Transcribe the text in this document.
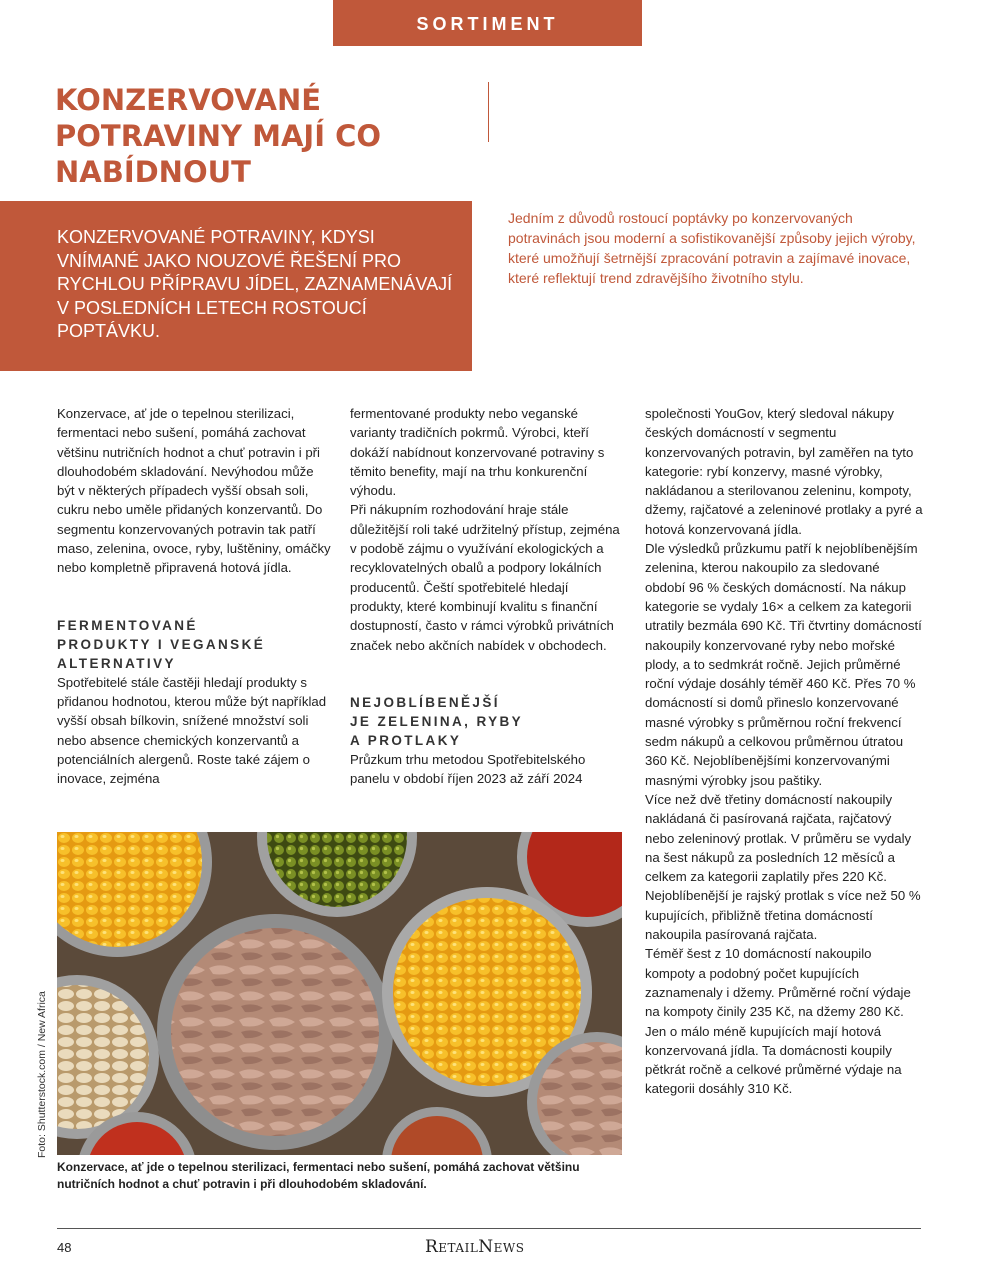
SORTIMENT
KONZERVOVANÉ POTRAVINY MAJÍ CO NABÍDNOUT

KONZERVOVANÉ POTRAVINY, KDYSI VNÍMANÉ JAKO NOUZOVÉ ŘEŠENÍ PRO RYCHLOU PŘÍPRAVU JÍDEL, ZAZNAMENÁVAJÍ V POSLEDNÍCH LETECH ROSTOUCÍ POPTÁVKU.

Jedním z důvodů rostoucí poptávky po konzervovaných potravinách jsou moderní a sofistikovanější způsoby jejich výroby, které umožňují šetrnější zpracování potravin a zajímavé inovace, které reflektují trend zdravějšího životního stylu.

Konzervace, ať jde o tepelnou sterilizaci, fermentaci nebo sušení, pomáhá zachovat většinu nutričních hodnot a chuť potravin i při dlouhodobém skladování. Nevýhodou může být v některých případech vyšší obsah soli, cukru nebo uměle přidaných konzervantů. Do segmentu konzervovaných potravin tak patří maso, zelenina, ovoce, ryby, luštěniny, omáčky nebo kompletně připravená hotová jídla.

FERMENTOVANÉ
PRODUKTY I VEGANSKÉ
ALTERNATIVY

Spotřebitelé stále častěji hledají produkty s přidanou hodnotou, kterou může být například vyšší obsah bílkovin, snížené množství soli nebo absence chemických konzervantů a potenciálních alergenů. Roste také zájem o inovace, zejména

fermentované produkty nebo veganské varianty tradičních pokrmů. Výrobci, kteří dokáží nabídnout konzervované potraviny s těmito benefity, mají na trhu konkurenční výhodu.

Při nákupním rozhodování hraje stále důležitější roli také udržitelný přístup, zejména v podobě zájmu o využívání ekologických a recyklovatelných obalů a podpory lokálních producentů. Čeští spotřebitelé hledají produkty, které kombinují kvalitu s finanční dostupností, často v rámci výrobků privátních značek nebo akčních nabídek v obchodech.

NEJOBLÍBENĚJŠÍ
JE ZELENINA, RYBY
A PROTLAKY

Průzkum trhu metodou Spotřebitelského panelu v období říjen 2023 až září 2024

společnosti YouGov, který sledoval nákupy českých domácností v segmentu konzervovaných potravin, byl zaměřen na tyto kategorie: rybí konzervy, masné výrobky, nakládanou a sterilovanou zeleninu, kompoty, džemy, rajčatové a zeleninové protlaky a pyré a hotová konzervovaná jídla.

Dle výsledků průzkumu patří k nejoblíbenějším zelenina, kterou nakoupilo za sledované období 96 % českých domácností. Na nákup kategorie se vydaly 16× a celkem za kategorii utratily bezmála 690 Kč. Tři čtvrtiny domácností nakoupily konzervované ryby nebo mořské plody, a to sedmkrát ročně. Jejich průměrné roční výdaje dosáhly téměř 460 Kč. Přes 70 % domácností si domů přineslo konzervované masné výrobky s průměrnou roční frekvencí sedm nákupů a celkovou průměrnou útratou 360 Kč. Nejoblíbenějšími konzervovanými masnými výrobky jsou paštiky.

Více než dvě třetiny domácností nakoupily nakládaná či pasírovaná rajčata, rajčatový nebo zeleninový protlak. V průměru se vydaly na šest nákupů za posledních 12 měsíců a celkem za kategorii zaplatily přes 220 Kč. Nejoblíbenější je rajský protlak s více než 50 % kupujících, přibližně třetina domácností nakoupila pasírovaná rajčata.

Téměř šest z 10 domácností nakoupilo kompoty a podobný počet kupujících zaznamenaly i džemy. Průměrné roční výdaje na kompoty činily 235 Kč, na džemy 280 Kč. Jen o málo méně kupujících mají hotová konzervovaná jídla. Ta domácnosti koupily pětkrát ročně a celkové průměrné výdaje na kategorii dosáhly 310 Kč.

Foto: Shutterstock.com / New Africa

Konzervace, ať jde o tepelnou sterilizaci, fermentaci nebo sušení, pomáhá zachovat většinu nutričních hodnot a chuť potravin i při dlouhodobém skladování.

48	RetailNews
